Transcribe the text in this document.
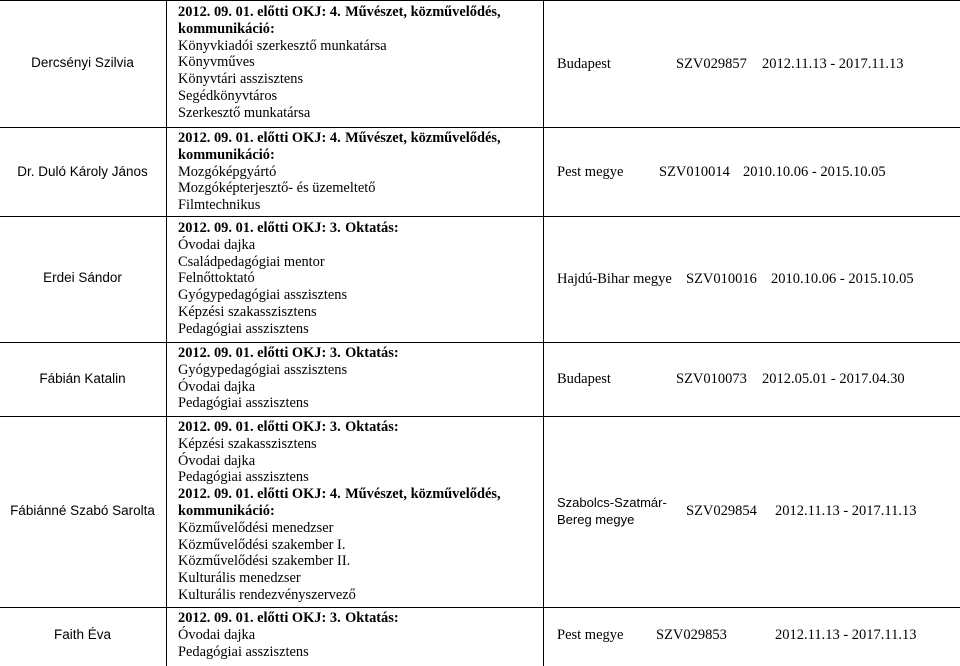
Dercsényi Szilvia
2012. 09. 01. előtti OKJ: 4. Művészet, közművelődés,
kommunikáció:
Könyvkiadói szerkesztő munkatársa
Könyvműves
Könyvtári asszisztens
Segédkönyvtáros
Szerkesztő munkatársa
Budapest	SZV029857 2012.11.13 - 2017.11.13
Dr. Duló Károly János
2012. 09. 01. előtti OKJ: 4. Művészet, közművelődés,
kommunikáció:
Mozgóképgyártó
Mozgóképterjesztő- és üzemeltető
Filmtechnikus
Pest megye SZV010014 2010.10.06 - 2015.10.05
Erdei Sándor
2012. 09. 01. előtti OKJ: 3. Oktatás:
Óvodai dajka
Családpedagógiai mentor
Felnőttoktató
Gyógypedagógiai asszisztens
Képzési szakasszisztens
Pedagógiai asszisztens
Hajdú-Bihar megye SZV010016 2010.10.06 - 2015.10.05
Fábián Katalin
2012. 09. 01. előtti OKJ: 3. Oktatás:
Gyógypedagógiai asszisztens
Óvodai dajka
Pedagógiai asszisztens
Budapest	SZV010073 2012.05.01 - 2017.04.30
Fábiánné Szabó Sarolta
2012. 09. 01. előtti OKJ: 3. Oktatás:
Képzési szakasszisztens
Óvodai dajka
Pedagógiai asszisztens
2012. 09. 01. előtti OKJ: 4. Művészet, közművelődés,
kommunikáció:
Közművelődési menedzser
Közművelődési szakember I.
Közművelődési szakember II.
Kulturális menedzser
Kulturális rendezvényszervező
Szabolcs-Szatmár-Bereg megye
SZV029854 2012.11.13 - 2017.11.13
Faith Éva
2012. 09. 01. előtti OKJ: 3. Oktatás:
Óvodai dajka
Pedagógiai asszisztens
Pest megye SZV029853	2012.11.13 - 2017.11.13
